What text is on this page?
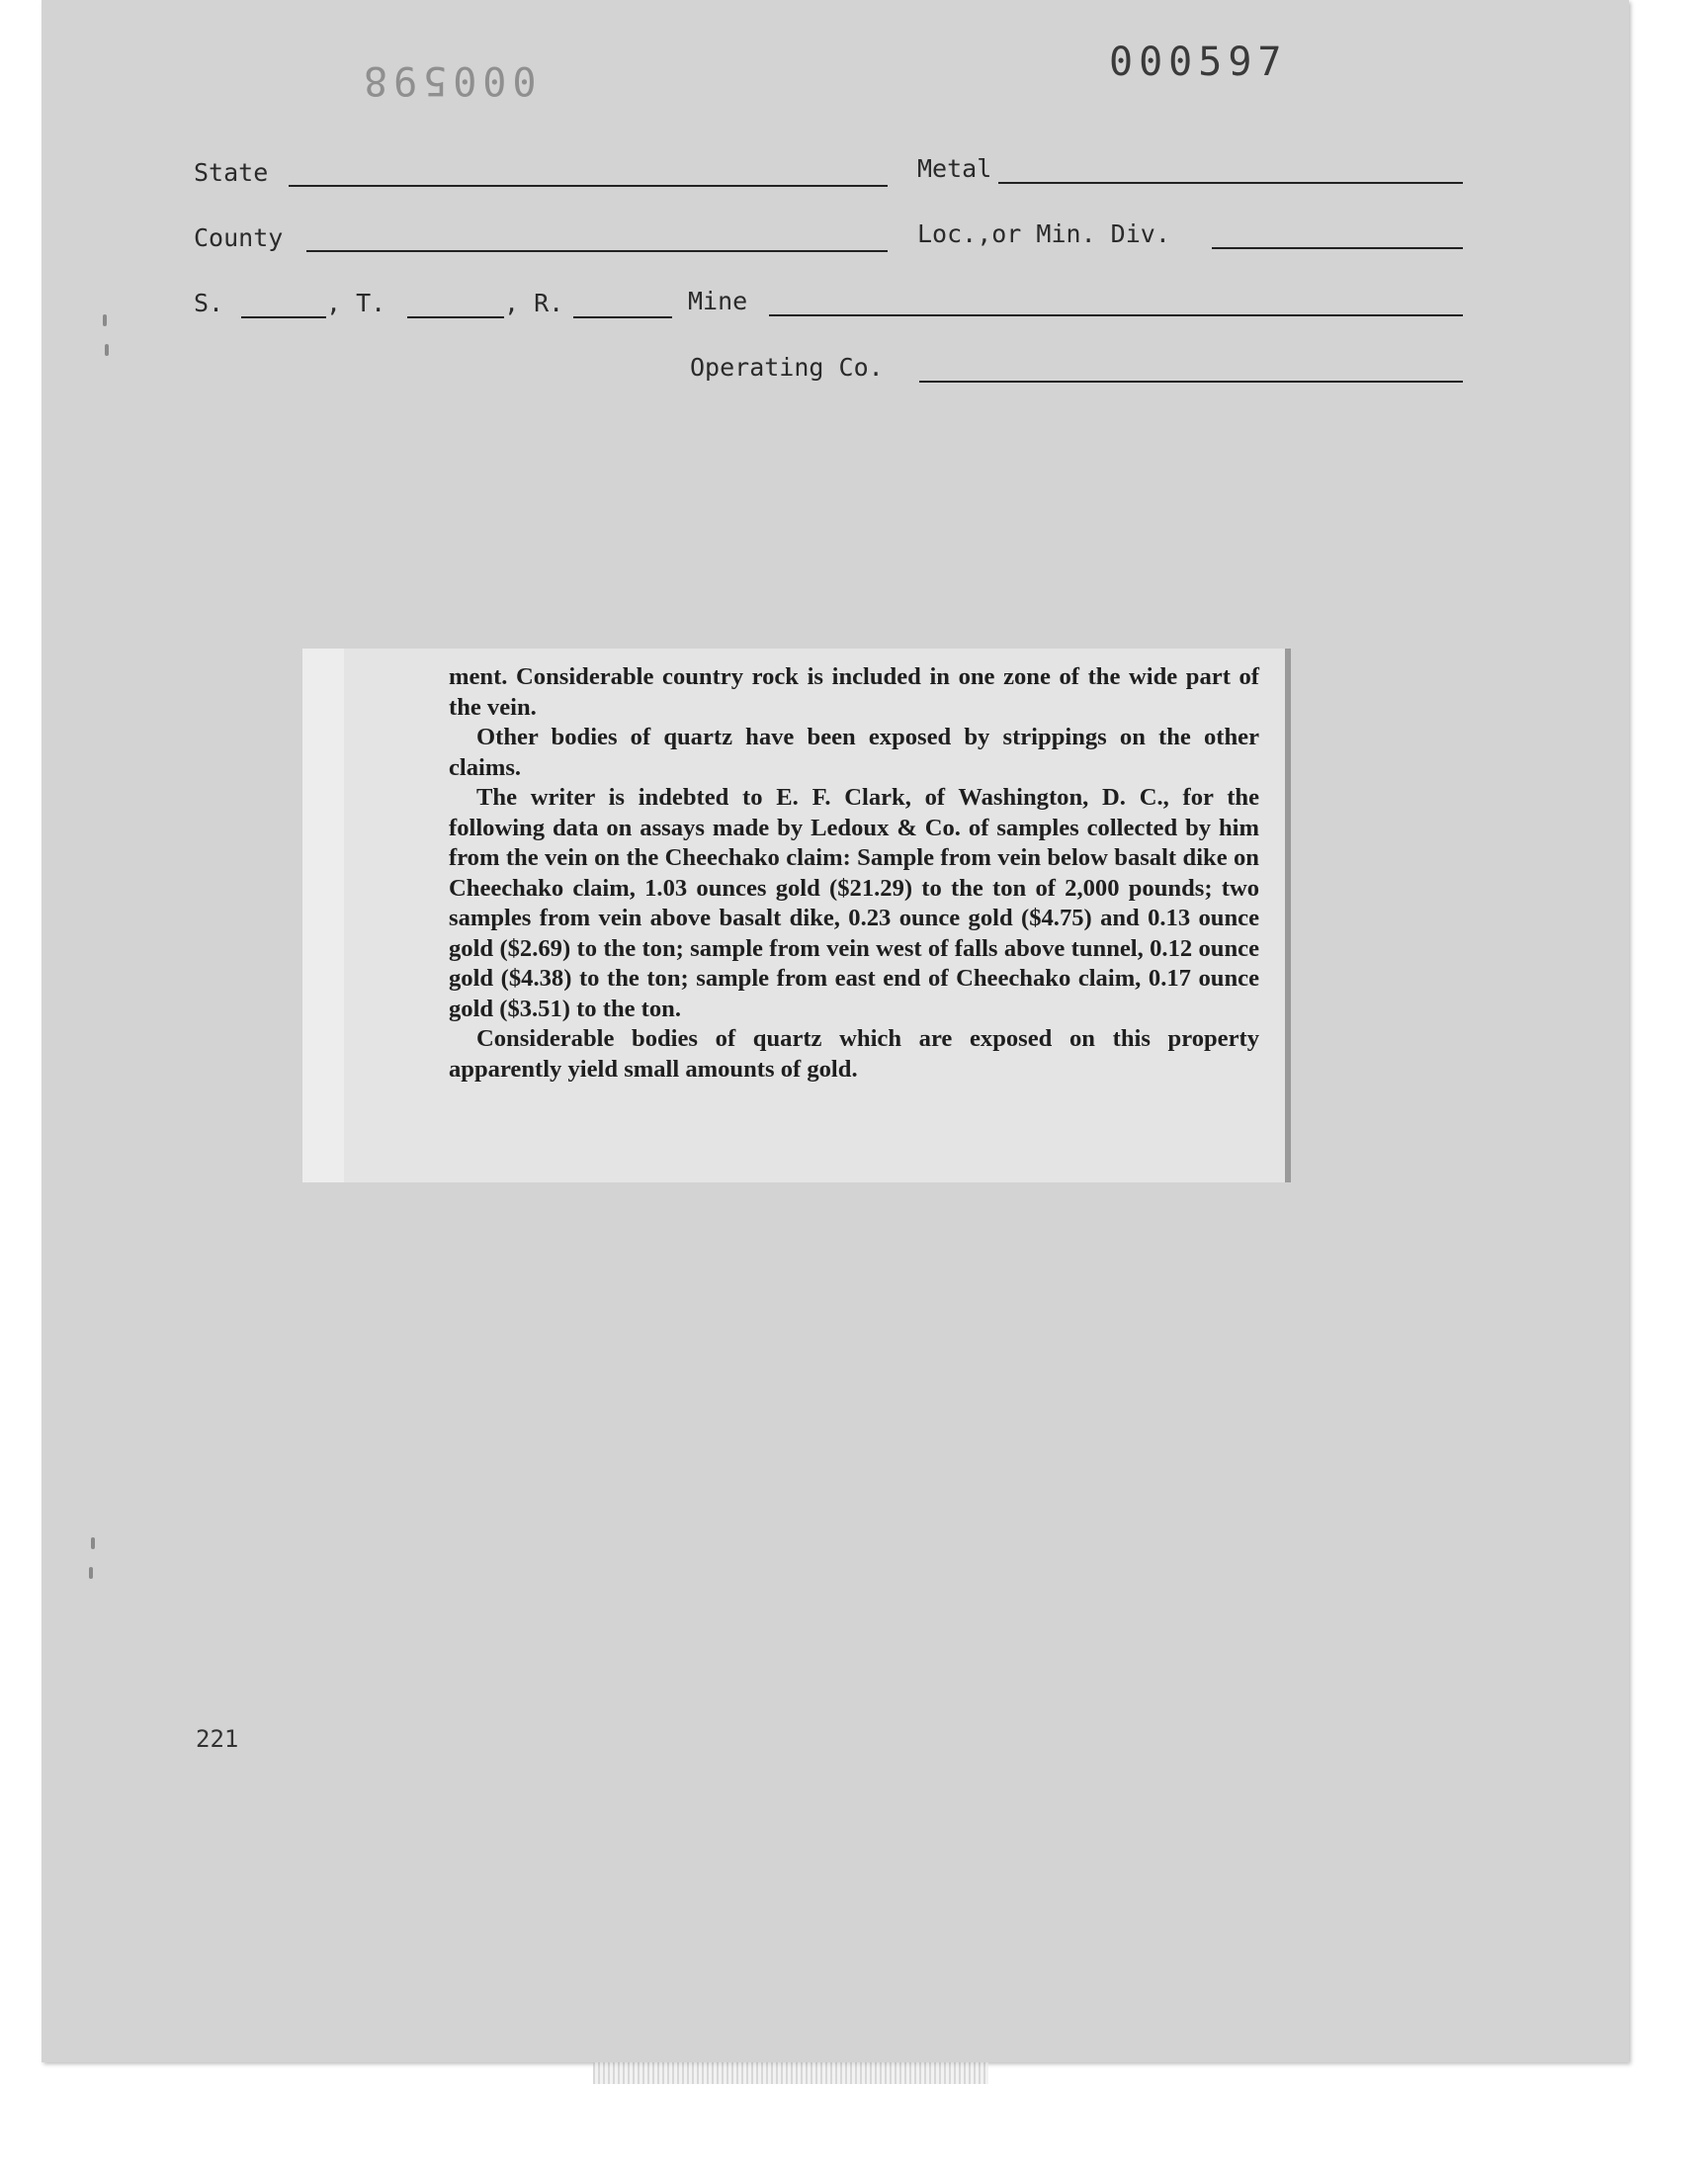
000598	000597
State	Metal
County	Loc.,or Min. Div.
S.	, T.	, R.	Mine
Operating Co.

ment. Considerable country rock is included in one zone of the wide part of the vein.

Other bodies of quartz have been exposed by strippings on the other claims.

The writer is indebted to E. F. Clark, of Washington, D. C., for the following data on assays made by Ledoux & Co. of samples collected by him from the vein on the Cheechako claim: Sample from vein below basalt dike on Cheechako claim, 1.03 ounces gold ($21.29) to the ton of 2,000 pounds; two samples from vein above basalt dike, 0.23 ounce gold ($4.75) and 0.13 ounce gold ($2.69) to the ton; sample from vein west of falls above tunnel, 0.12 ounce gold ($4.38) to the ton; sample from east end of Cheechako claim, 0.17 ounce gold ($3.51) to the ton.

Considerable bodies of quartz which are exposed on this property apparently yield small amounts of gold.

221
